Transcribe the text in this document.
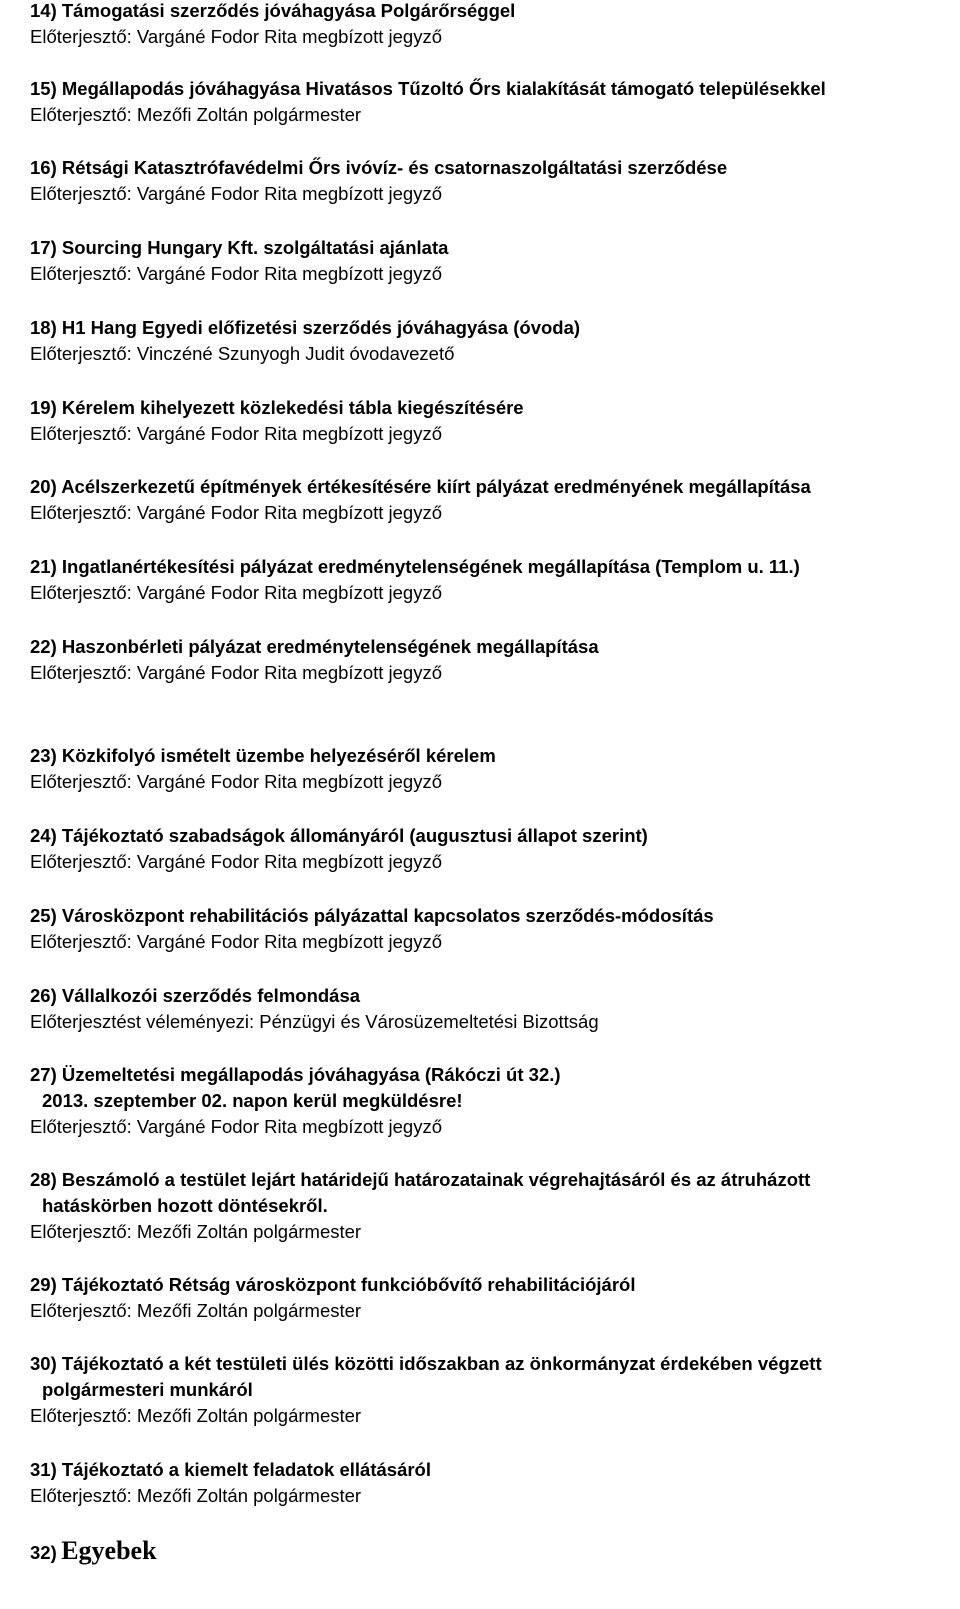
14) Támogatási szerződés jóváhagyása Polgárőrséggel
Előterjesztő: Vargáné Fodor Rita megbízott jegyző
15) Megállapodás jóváhagyása Hivatásos Tűzoltó Őrs kialakítását támogató településekkel
Előterjesztő: Mezőfi Zoltán polgármester
16) Rétsági Katasztrófavédelmi Őrs ivóvíz- és csatornaszolgáltatási szerződése
Előterjesztő: Vargáné Fodor Rita megbízott jegyző
17) Sourcing Hungary Kft. szolgáltatási ajánlata
Előterjesztő: Vargáné Fodor Rita megbízott jegyző
18) H1 Hang Egyedi előfizetési szerződés jóváhagyása (óvoda)
Előterjesztő: Vinczéné Szunyogh Judit óvodavezető
19) Kérelem kihelyezett közlekedési tábla kiegészítésére
Előterjesztő: Vargáné Fodor Rita megbízott jegyző
20) Acélszerkezetű építmények értékesítésére kiírt pályázat eredményének megállapítása
Előterjesztő: Vargáné Fodor Rita megbízott jegyző
21) Ingatlanértékesítési pályázat eredménytelenségének megállapítása (Templom u. 11.)
Előterjesztő: Vargáné Fodor Rita megbízott jegyző
22) Haszonbérleti pályázat eredménytelenségének megállapítása
Előterjesztő: Vargáné Fodor Rita megbízott jegyző
23) Közkifolyó ismételt üzembe helyezéséről kérelem
Előterjesztő: Vargáné Fodor Rita megbízott jegyző
24) Tájékoztató szabadságok állományáról (augusztusi állapot szerint)
Előterjesztő: Vargáné Fodor Rita megbízott jegyző
25) Városközpont rehabilitációs pályázattal kapcsolatos szerződés-módosítás
Előterjesztő: Vargáné Fodor Rita megbízott jegyző
26) Vállalkozói szerződés felmondása
Előterjesztést véleményezi: Pénzügyi és Városüzemeltetési Bizottság
27) Üzemeltetési megállapodás jóváhagyása (Rákóczi út 32.)
2013. szeptember 02. napon kerül megküldésre!
Előterjesztő: Vargáné Fodor Rita megbízott jegyző
28) Beszámoló a testület lejárt határidejű határozatainak végrehajtásáról és az átruházott
hatáskörben hozott döntésekről.
Előterjesztő: Mezőfi Zoltán polgármester
29) Tájékoztató Rétság városközpont funkcióbővítő rehabilitációjáról
Előterjesztő: Mezőfi Zoltán polgármester
30) Tájékoztató a két testületi ülés közötti időszakban az önkormányzat érdekében végzett
polgármesteri munkáról
Előterjesztő: Mezőfi Zoltán polgármester
31) Tájékoztató a kiemelt feladatok ellátásáról
Előterjesztő: Mezőfi Zoltán polgármester
32) Egyebek
